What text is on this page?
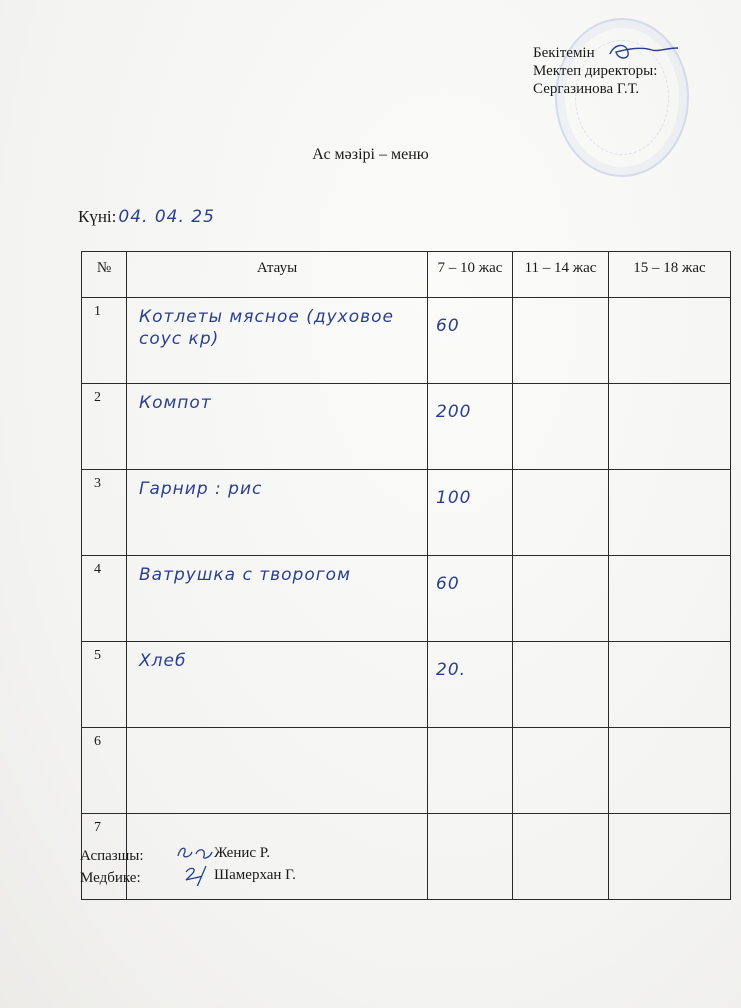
Бекітемін
Мектеп директоры:
Сергазинова Г.Т.
Ас мәзірі – меню
Күні: 04. 04. 25
№	Атауы	7 – 10 жас	11 – 14 жас	15 – 18 жас
1	Котлеты мясное (духовое соус кр)	60		
2	Компот	200		
3	Гарнир : рис	100		
4	Ватрушка с творогом	60		
5	Хлеб	20.		
6				
7				
Аспазшы:	Женис Р.
Медбике:	Шамерхан Г.
